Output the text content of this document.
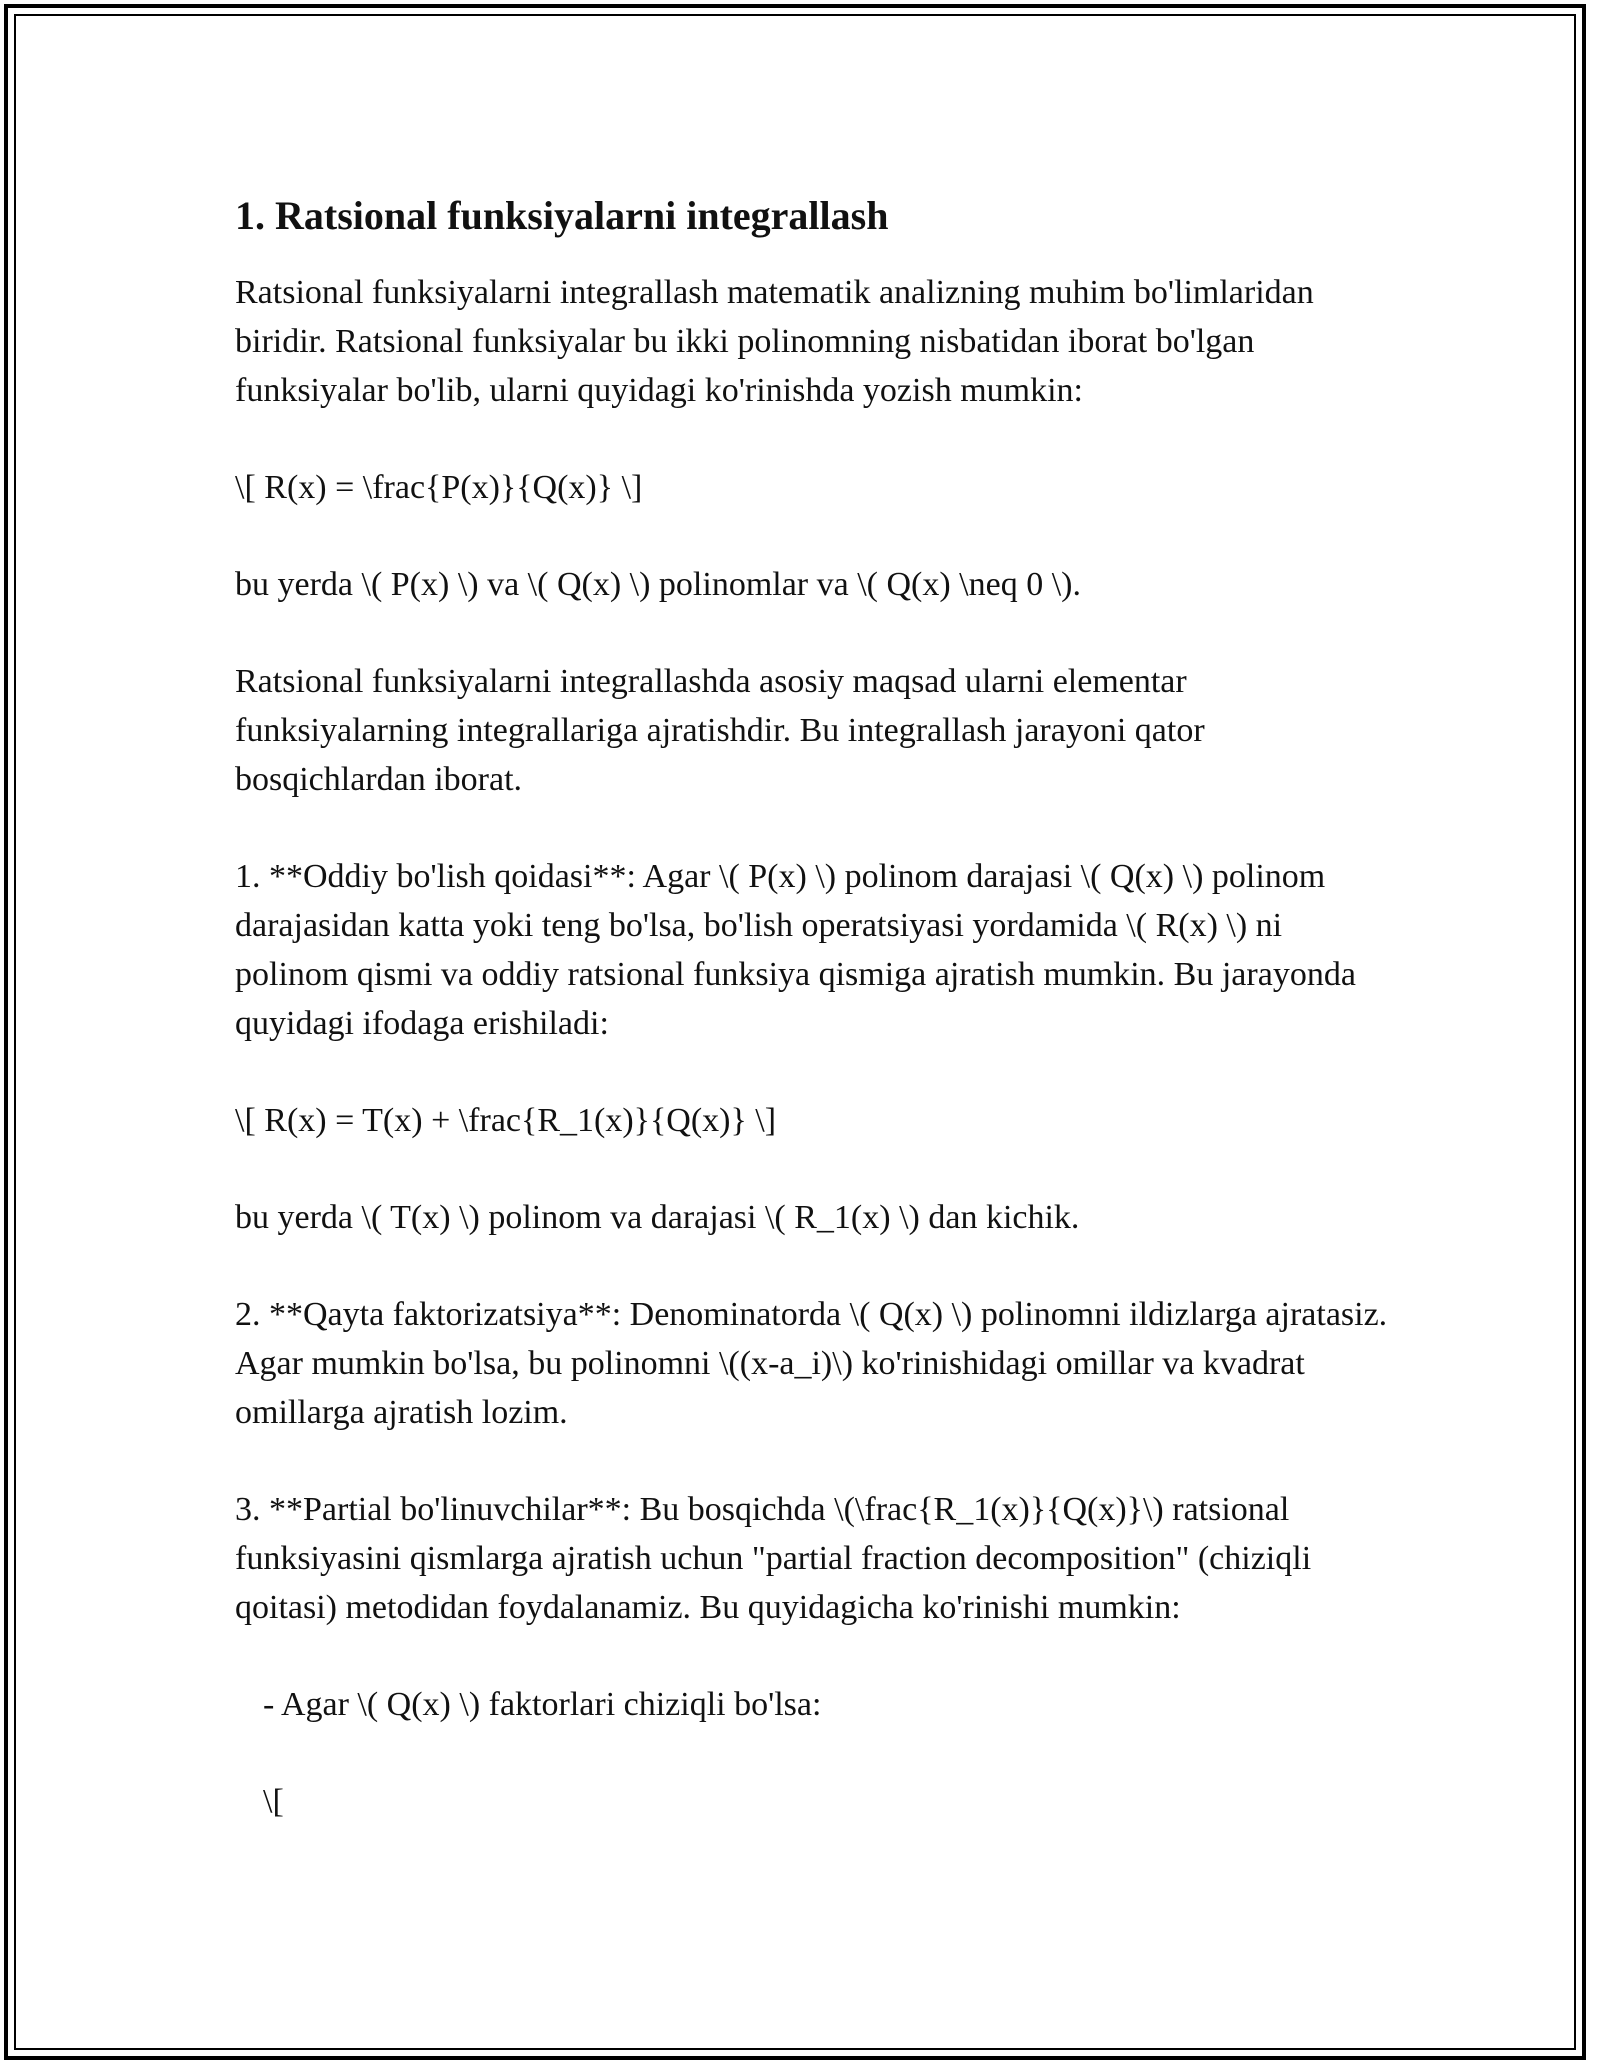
1. Ratsional funksiyalarni integrallash

Ratsional funksiyalarni integrallash matematik analizning muhim bo'limlaridan biridir. Ratsional funksiyalar bu ikki polinomning nisbatidan iborat bo'lgan funksiyalar bo'lib, ularni quyidagi ko'rinishda yozish mumkin:

\[ R(x) = \frac{P(x)}{Q(x)} \]

bu yerda \( P(x) \) va \( Q(x) \) polinomlar va \( Q(x) \neq 0 \).

Ratsional funksiyalarni integrallashda asosiy maqsad ularni elementar funksiyalarning integrallariga ajratishdir. Bu integrallash jarayoni qator bosqichlardan iborat.

1. **Oddiy bo'lish qoidasi**: Agar \( P(x) \) polinom darajasi \( Q(x) \) polinom darajasidan katta yoki teng bo'lsa, bo'lish operatsiyasi yordamida \( R(x) \) ni polinom qismi va oddiy ratsional funksiya qismiga ajratish mumkin. Bu jarayonda quyidagi ifodaga erishiladi:

\[ R(x) = T(x) + \frac{R_1(x)}{Q(x)} \]

bu yerda \( T(x) \) polinom va darajasi \( R_1(x) \) dan kichik.

2. **Qayta faktorizatsiya**: Denominatorda \( Q(x) \) polinomni ildizlarga ajratasiz. Agar mumkin bo'lsa, bu polinomni \((x-a_i)\) ko'rinishidagi omillar va kvadrat omillarga ajratish lozim.

3. **Partial bo'linuvchilar**: Bu bosqichda \(\frac{R_1(x)}{Q(x)}\) ratsional funksiyasini qismlarga ajratish uchun "partial fraction decomposition" (chiziqli qoitasi) metodidan foydalanamiz. Bu quyidagicha ko'rinishi mumkin:

- Agar \( Q(x) \) faktorlari chiziqli bo'lsa:

\[
